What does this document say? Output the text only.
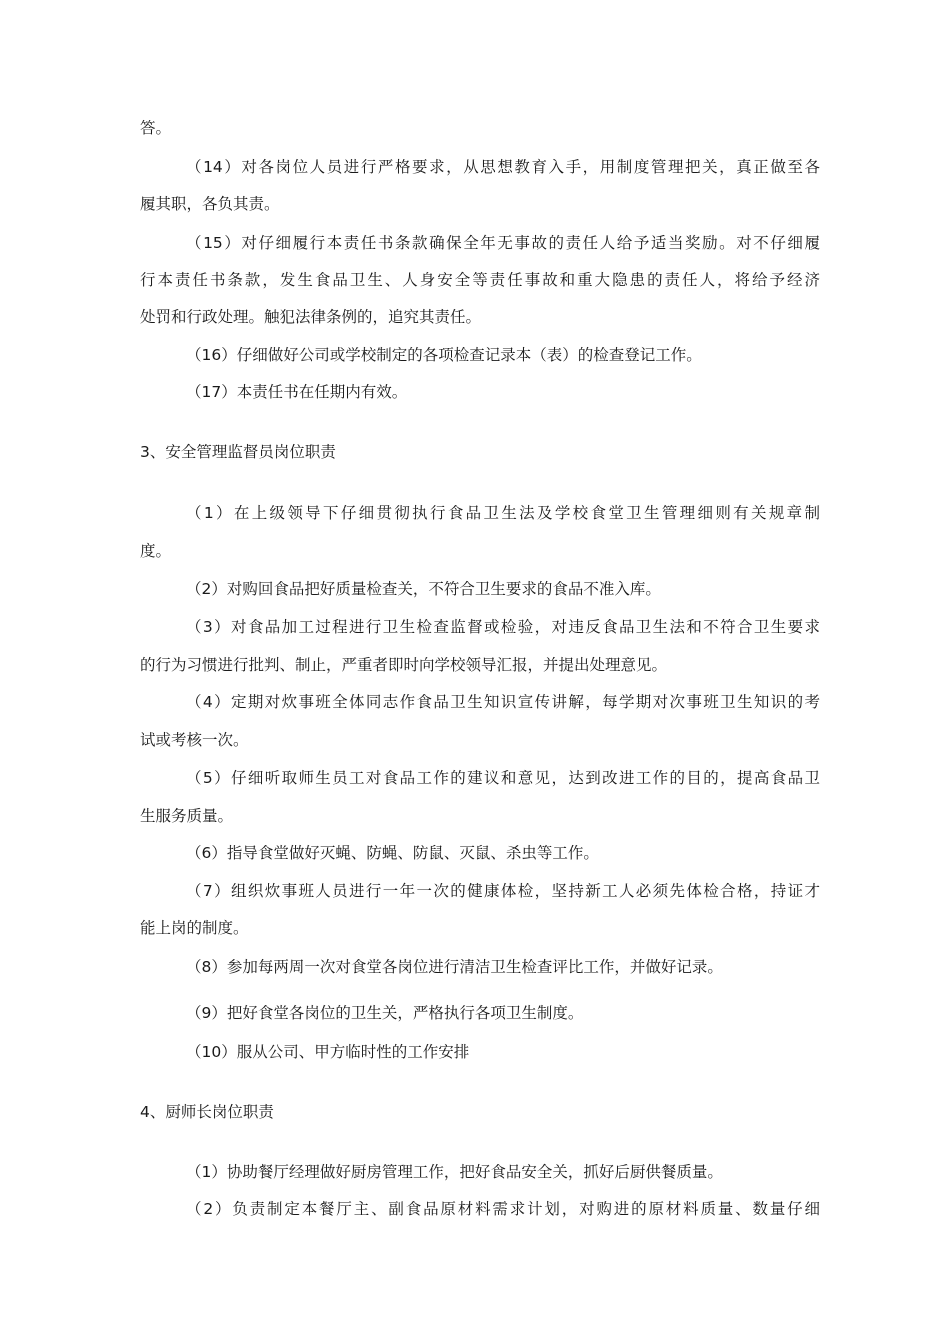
答。
（14）对各岗位人员进行严格要求，从思想教育入手，用制度管理把关，真正做至各
履其职，各负其责。
（15）对仔细履行本责任书条款确保全年无事故的责任人给予适当奖励。对不仔细履
行本责任书条款，发生食品卫生、人身安全等责任事故和重大隐患的责任人，将给予经济
处罚和行政处理。触犯法律条例的，追究其责任。
（16）仔细做好公司或学校制定的各项检查记录本（表）的检查登记工作。
（17）本责任书在任期内有效。
3、安全管理监督员岗位职责
（1）在上级领导下仔细贯彻执行食品卫生法及学校食堂卫生管理细则有关规章制
度。
（2）对购回食品把好质量检查关，不符合卫生要求的食品不准入库。
（3）对食品加工过程进行卫生检查监督或检验，对违反食品卫生法和不符合卫生要求
的行为习惯进行批判、制止，严重者即时向学校领导汇报，并提出处理意见。
（4）定期对炊事班全体同志作食品卫生知识宣传讲解，每学期对次事班卫生知识的考
试或考核一次。
（5）仔细听取师生员工对食品工作的建议和意见，达到改进工作的目的，提高食品卫
生服务质量。
（6）指导食堂做好灭蝇、防蝇、防鼠、灭鼠、杀虫等工作。
（7）组织炊事班人员进行一年一次的健康体检，坚持新工人必须先体检合格，持证才
能上岗的制度。
（8）参加每两周一次对食堂各岗位进行清洁卫生检查评比工作，并做好记录。
（9）把好食堂各岗位的卫生关，严格执行各项卫生制度。
（10）服从公司、甲方临时性的工作安排
4、厨师长岗位职责
（1）协助餐厅经理做好厨房管理工作，把好食品安全关，抓好后厨供餐质量。
（2）负责制定本餐厅主、副食品原材料需求计划，对购进的原材料质量、数量仔细
